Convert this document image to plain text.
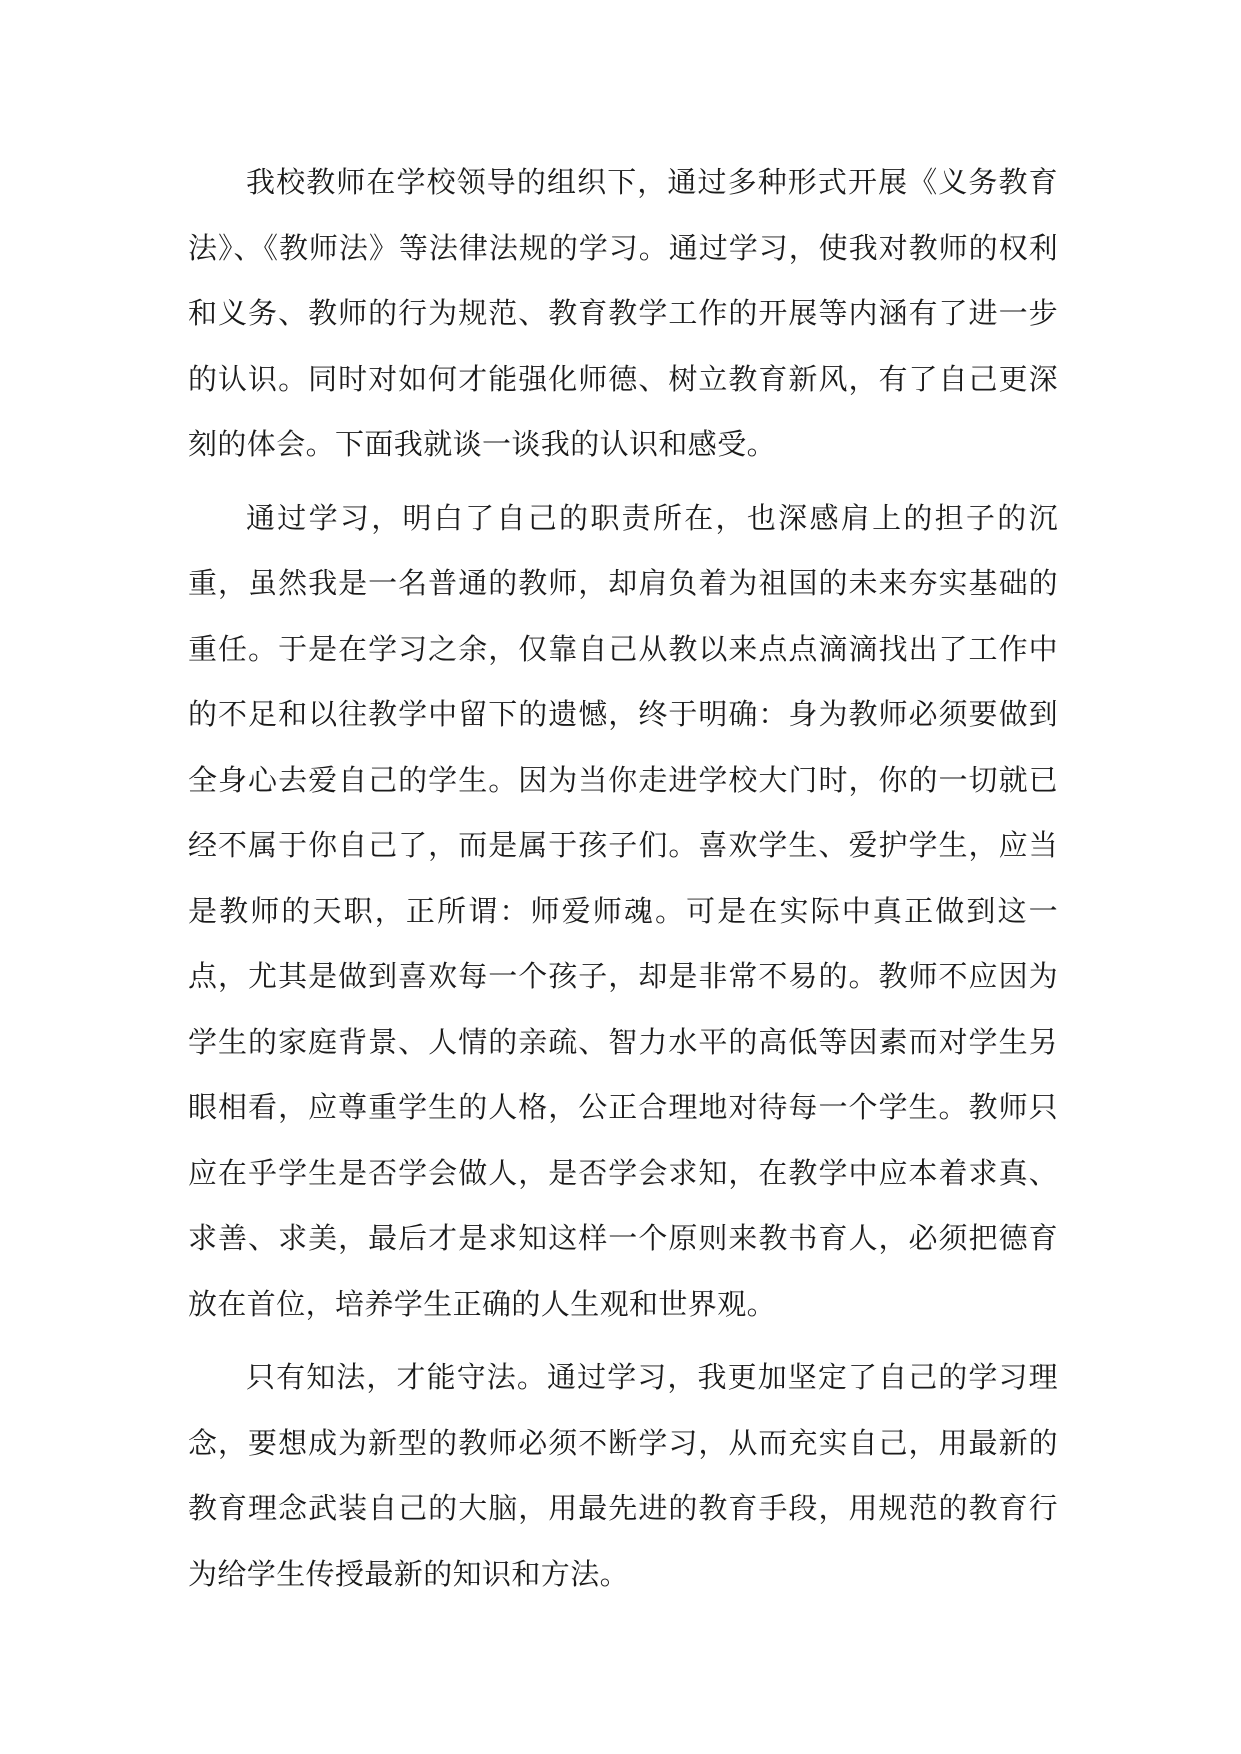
我校教师在学校领导的组织下，通过多种形式开展《义务教育法》、《教师法》等法律法规的学习。通过学习，使我对教师的权利和义务、教师的行为规范、教育教学工作的开展等内涵有了进一步的认识。同时对如何才能强化师德、树立教育新风，有了自己更深刻的体会。下面我就谈一谈我的认识和感受。

通过学习，明白了自己的职责所在，也深感肩上的担子的沉重，虽然我是一名普通的教师，却肩负着为祖国的未来夯实基础的重任。于是在学习之余，仅靠自己从教以来点点滴滴找出了工作中的不足和以往教学中留下的遗憾，终于明确：身为教师必须要做到全身心去爱自己的学生。因为当你走进学校大门时，你的一切就已经不属于你自己了，而是属于孩子们。喜欢学生、爱护学生，应当是教师的天职，正所谓：师爱师魂。可是在实际中真正做到这一点，尤其是做到喜欢每一个孩子，却是非常不易的。教师不应因为学生的家庭背景、人情的亲疏、智力水平的高低等因素而对学生另眼相看，应尊重学生的人格，公正合理地对待每一个学生。教师只应在乎学生是否学会做人，是否学会求知，在教学中应本着求真、求善、求美，最后才是求知这样一个原则来教书育人，必须把德育放在首位，培养学生正确的人生观和世界观。

只有知法，才能守法。通过学习，我更加坚定了自己的学习理念，要想成为新型的教师必须不断学习，从而充实自己，用最新的教育理念武装自己的大脑，用最先进的教育手段，用规范的教育行为给学生传授最新的知识和方法。
